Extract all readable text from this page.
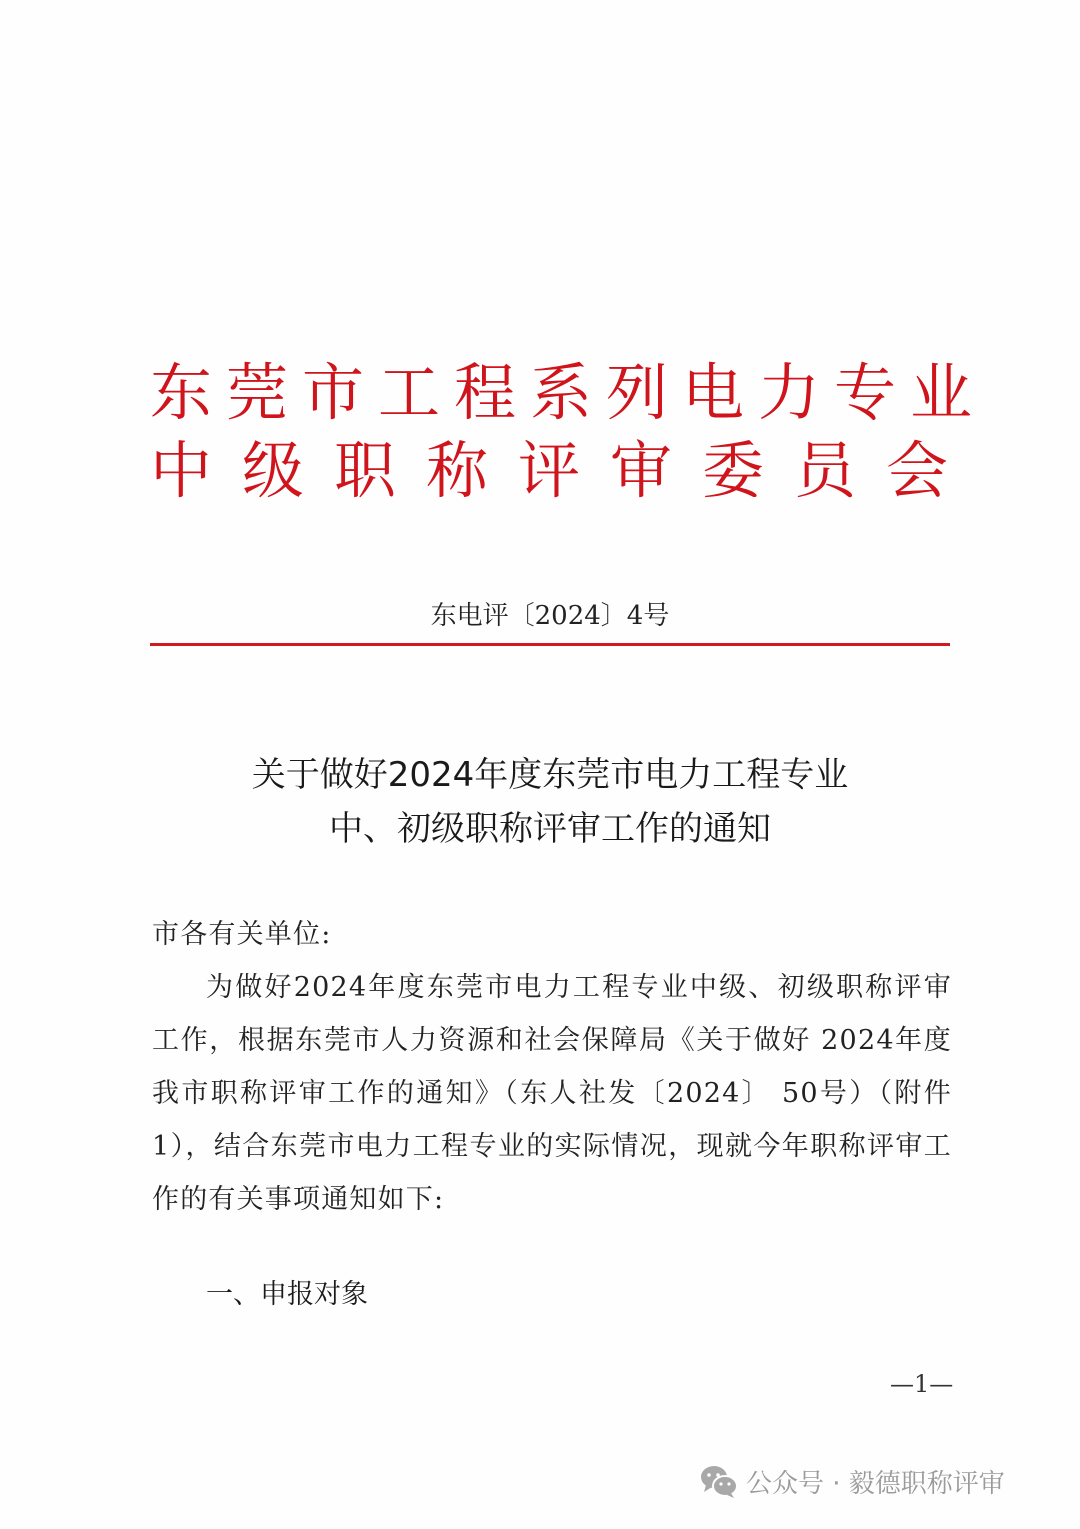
东莞市工程系列电力专业
中级职称评审委员会
东电评〔2024〕4号
关于做好2024年度东莞市电力工程专业
中、初级职称评审工作的通知
市各有关单位:
为做好2024年度东莞市电力工程专业中级、初级职称评审工作，根据东莞市人力资源和社会保障局《关于做好 2024年度我市职称评审工作的通知》（东人社发〔2024〕 50号）（附件1），结合东莞市电力工程专业的实际情况，现就今年职称评审工作的有关事项通知如下:
一、申报对象
—1—
公众号 · 毅德职称评审
